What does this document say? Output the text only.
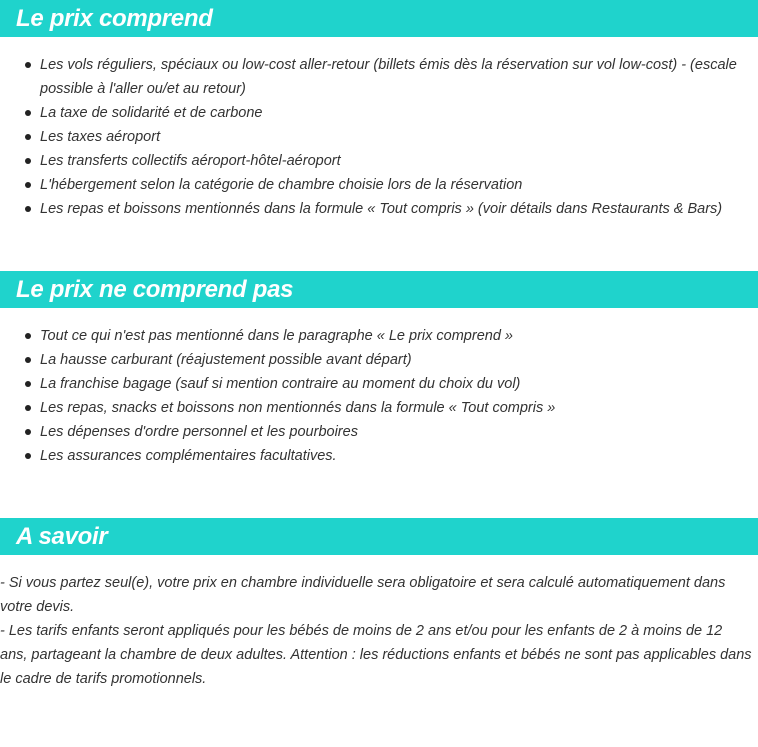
Le prix comprend
Les vols réguliers, spéciaux ou low-cost aller-retour (billets émis dès la réservation sur vol low-cost) - (escale possible à l'aller ou/et au retour)
La taxe de solidarité et de carbone
Les taxes aéroport
Les transferts collectifs aéroport-hôtel-aéroport
L'hébergement selon la catégorie de chambre choisie lors de la réservation
Les repas et boissons mentionnés dans la formule « Tout compris » (voir détails dans Restaurants & Bars)
Le prix ne comprend pas
Tout ce qui n'est pas mentionné dans le paragraphe « Le prix comprend »
La hausse carburant (réajustement possible avant départ)
La franchise bagage (sauf si mention contraire au moment du choix du vol)
Les repas, snacks et boissons non mentionnés dans la formule « Tout compris »
Les dépenses d'ordre personnel et les pourboires
Les assurances complémentaires facultatives.
A savoir

- Si vous partez seul(e), votre prix en chambre individuelle sera obligatoire et sera calculé automatiquement dans votre devis.

- Les tarifs enfants seront appliqués pour les bébés de moins de 2 ans et/ou pour les enfants de 2 à moins de 12 ans, partageant la chambre de deux adultes. Attention : les réductions enfants et bébés ne sont pas applicables dans le cadre de tarifs promotionnels.
